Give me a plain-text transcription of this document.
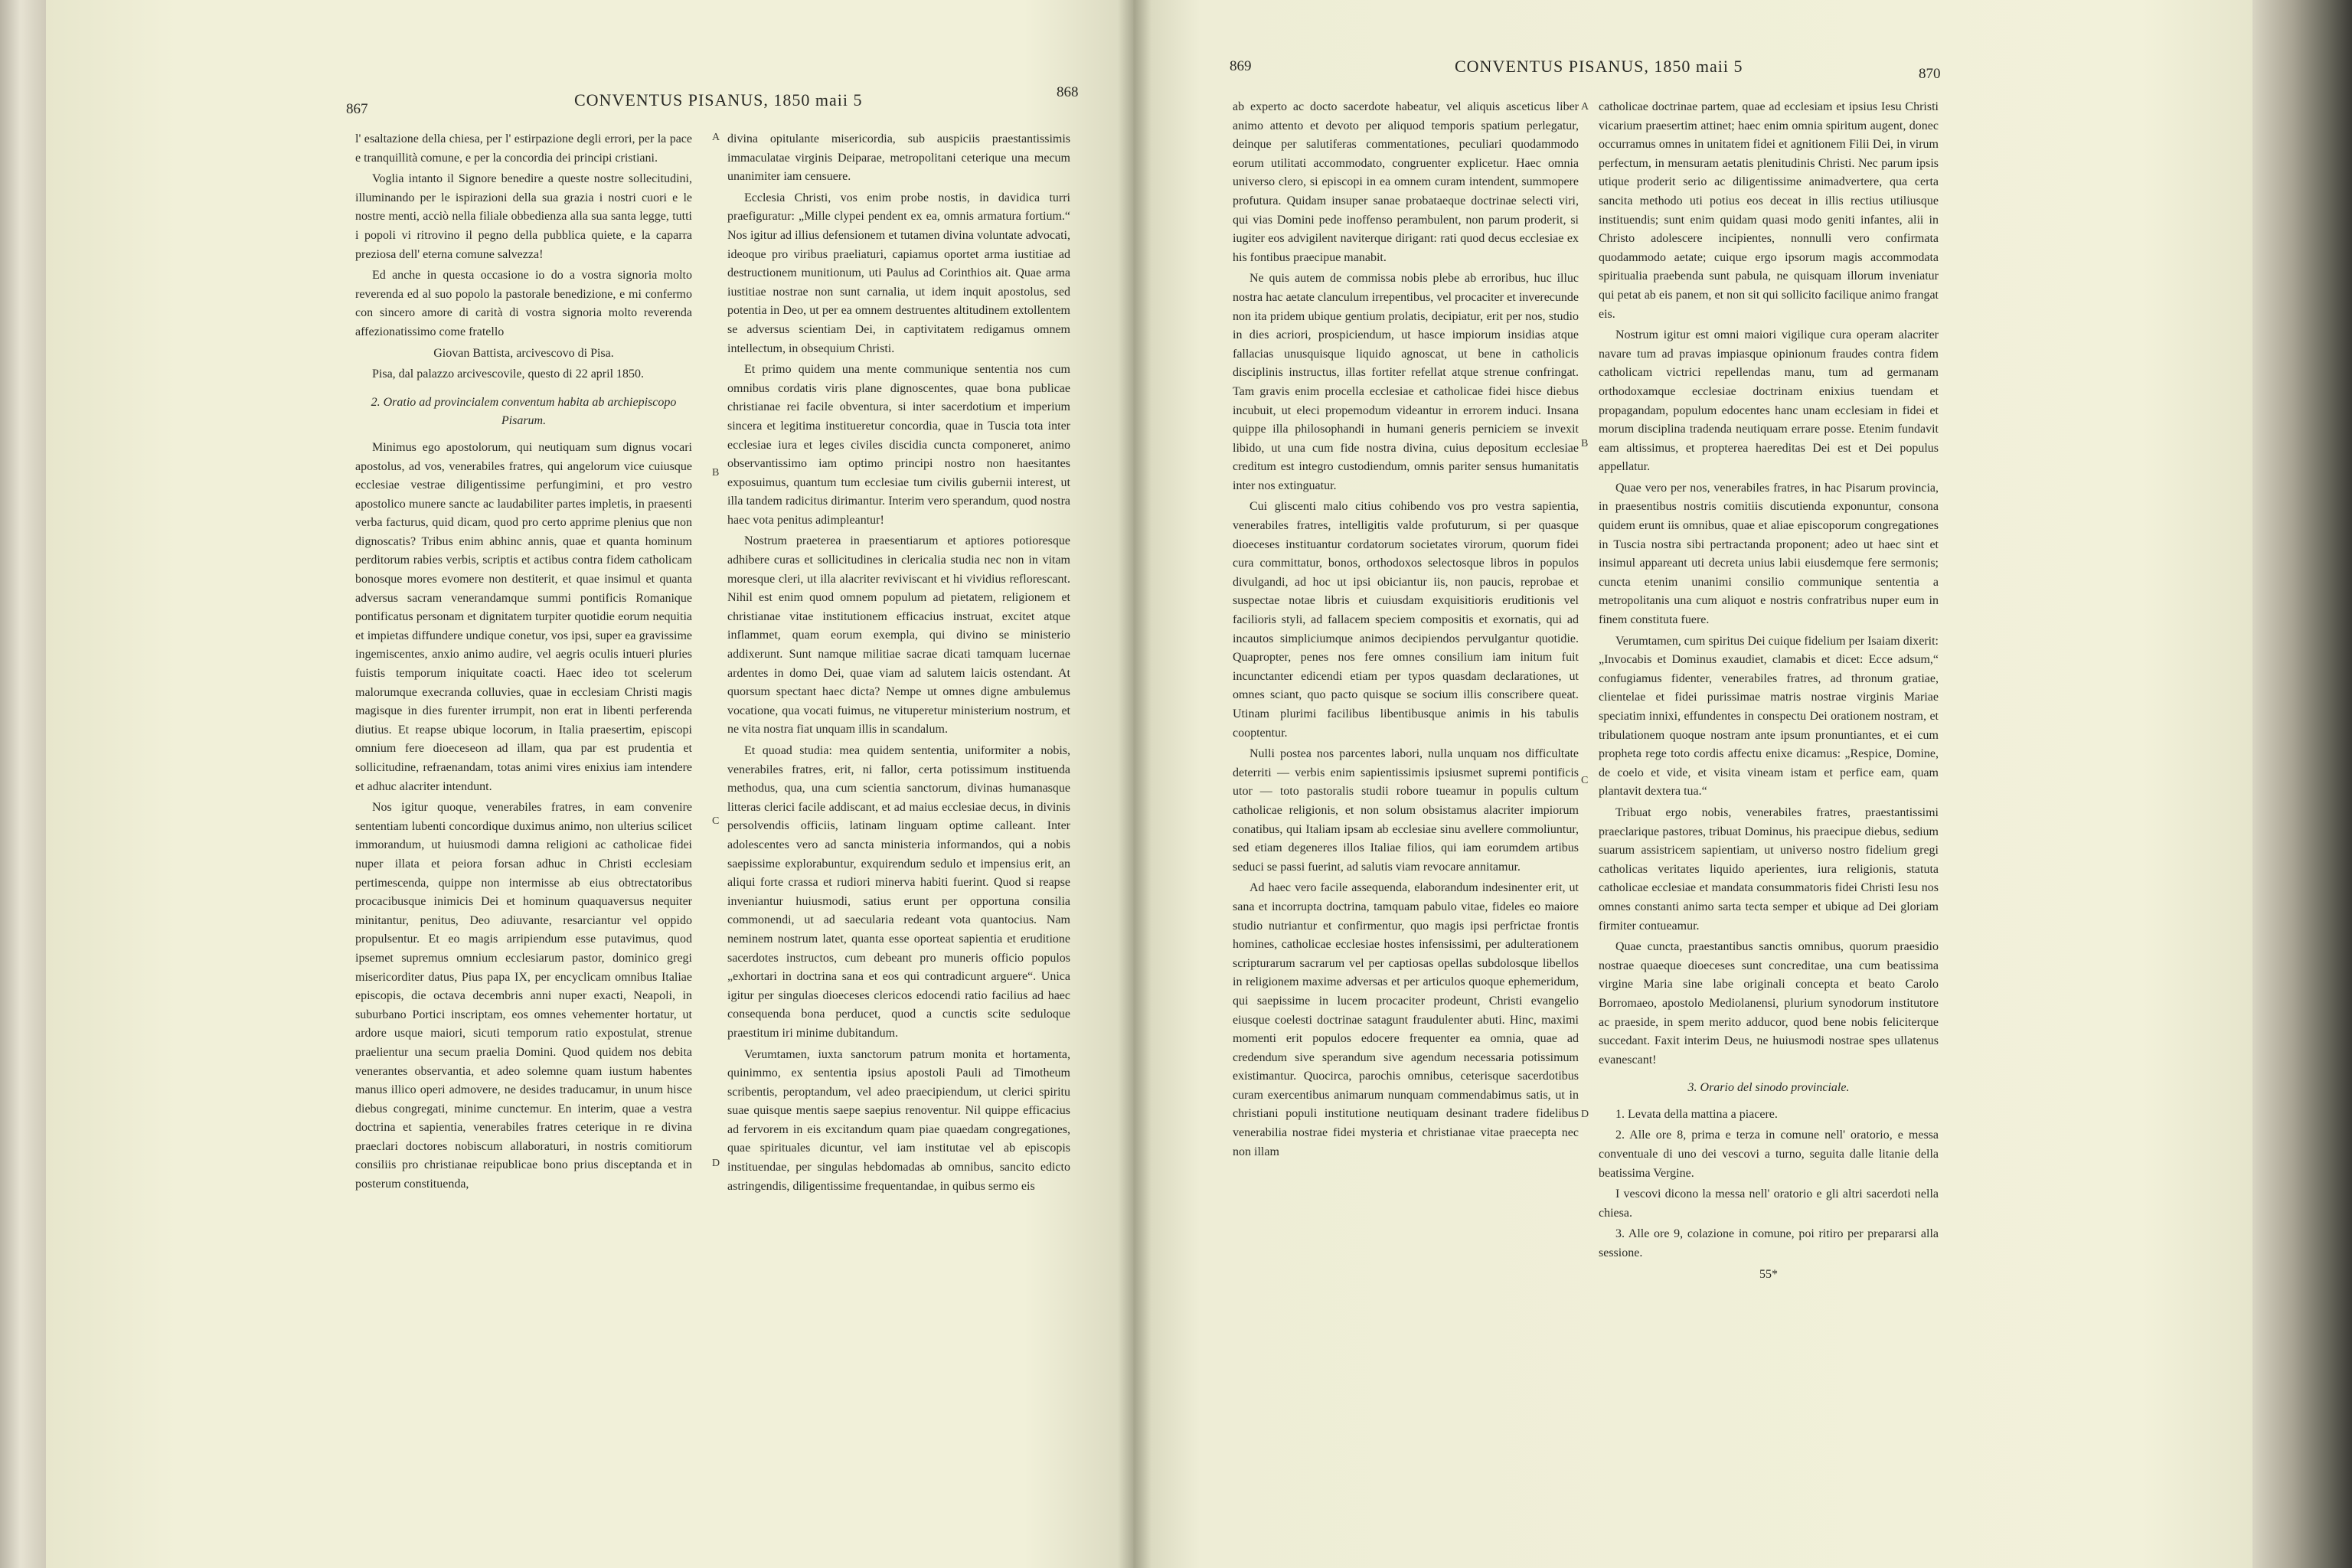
867	CONVENTUS PISANUS, 1850 maii 5	868

l' esaltazione della chiesa, per l' estirpazione degli errori, per la pace e tranquillità comune, e per la concordia dei principi cristiani.

Voglia intanto il Signore benedire a queste nostre sollecitudini, illuminando per le ispirazioni della sua grazia i nostri cuori e le nostre menti, acciò nella filiale obbedienza alla sua santa legge, tutti i popoli vi ritrovino il pegno della pubblica quiete, e la caparra preziosa dell' eterna comune salvezza!

Ed anche in questa occasione io do a vostra signoria molto reverenda ed al suo popolo la pastorale benedizione, e mi confermo con sincero amore di carità di vostra signoria molto reverenda affezionatissimo come fratello

Giovan Battista, arcivescovo di Pisa.

Pisa, dal palazzo arcivescovile, questo di 22 april 1850.

2. Oratio ad provincialem conventum habita ab archiepiscopo Pisarum.

Minimus ego apostolorum, qui neutiquam sum dignus vocari apostolus, ad vos, venerabiles fratres, qui angelorum vice cuiusque ecclesiae vestrae diligentissime perfungimini, et pro vestro apostolico munere sancte ac laudabiliter partes impletis, in praesenti verba facturus, quid dicam, quod pro certo apprime plenius que non dignoscatis? Tribus enim abhinc annis, quae et quanta hominum perditorum rabies verbis, scriptis et actibus contra fidem catholicam bonosque mores evomere non destiterit, et quae insimul et quanta adversus sacram venerandamque summi pontificis Romanique pontificatus personam et dignitatem turpiter quotidie eorum nequitia et impietas diffundere undique conetur, vos ipsi, super ea gravissime ingemiscentes, anxio animo audire, vel aegris oculis intueri pluries fuistis temporum iniquitate coacti. Haec ideo tot scelerum malorumque execranda colluvies, quae in ecclesiam Christi magis magisque in dies furenter irrumpit, non erat in libenti perferenda diutius. Et reapse ubique locorum, in Italia praesertim, episcopi omnium fere dioecesеon ad illam, qua par est prudentia et sollicitudine, refraenandam, totas animi vires enixius iam intendere et adhuc alacriter intendunt.

Nos igitur quoque, venerabiles fratres, in eam convenire sententiam lubenti concordique duximus animo, non ulterius scilicet immorandum, ut huiusmodi damna religioni ac catholicae fidei nuper illata et peiora forsan adhuc in Christi ecclesiam pertimescenda, quippe non intermisse ab eius obtrectatoribus procacibusque inimicis Dei et hominum quaquaversus nequiter minitantur, penitus, Deo adiuvante, resarciantur vel oppido propulsentur. Et eo magis arripiendum esse putavimus, quod ipsemet supremus omnium ecclesiarum pastor, dominico gregi misericorditer datus, Pius papa IX, per encyclicam omnibus Italiae episcopis, die octava decembris anni nuper exacti, Neapoli, in suburbano Portici inscriptam, eos omnes vehementer hortatur, ut ardore usque maiori, sicuti temporum ratio expostulat, strenue praelientur una secum praelia Domini. Quod quidem nos debita venerantes observantia, et adeo solemne quam iustum habentes manus illico operi admovere, ne desides traducamur, in unum hisce diebus congregati, minime cunctemur. En interim, quae a vestra doctrina et sapientia, venerabiles fratres ceterique in re divina praeclari doctores nobiscum allaboraturi, in nostris comitiorum consiliis pro christianae reipublicae bono prius disceptanda et in posterum constituenda,

A
B
C
D

divina opitulante misericordia, sub auspiciis praestantissimis immaculatae virginis Deiparae, metropolitani ceterique una mecum unanimiter iam censuere.

Ecclesia Christi, vos enim probe nostis, in davidica turri praefiguratur: „Mille clypei pendent ex ea, omnis armatura fortium.“ Nos igitur ad illius defensionem et tutamen divina voluntate advocati, ideoque pro viribus praeliaturi, capiamus oportet arma iustitiae ad destructionem munitionum, uti Paulus ad Corinthios ait. Quae arma iustitiae nostrae non sunt carnalia, ut idem inquit apostolus, sed potentia in Deo, ut per ea omnem destruentes altitudinem extollentem se adversus scientiam Dei, in captivitatem redigamus omnem intellectum, in obsequium Christi.

Et primo quidem una mente communique sententia nos cum omnibus cordatis viris plane dignoscentes, quae bona publicae christianae rei facile obventura, si inter sacerdotium et imperium sincera et legitima institueretur concordia, quae in Tuscia tota inter ecclesiae iura et leges civiles discidia cuncta componeret, animo observantissimo iam optimo principi nostro non haesitantes exposuimus, quantum tum ecclesiae tum civilis gubernii interest, ut illa tandem radicitus dirimantur. Interim vero sperandum, quod nostra haec vota penitus adimpleantur!

Nostrum praeterea in praesentiarum et aptiores potioresque adhibere curas et sollicitudines in clericalia studia nec non in vitam moresque cleri, ut illa alacriter reviviscant et hi vividius reflorescant. Nihil est enim quod omnem populum ad pietatem, religionem et christianae vitae institutionem efficacius instruat, excitet atque inflammet, quam eorum exempla, qui divino se ministerio addixerunt. Sunt namque militiae sacrae dicati tamquam lucernae ardentes in domo Dei, quae viam ad salutem laicis ostendant. At quorsum spectant haec dicta? Nempe ut omnes digne ambulemus vocatione, qua vocati fuimus, ne vituperetur ministerium nostrum, et ne vita nostra fiat unquam illis in scandalum.

Et quoad studia: mea quidem sententia, uniformiter a nobis, venerabiles fratres, erit, ni fallor, certa potissimum instituenda methodus, qua, una cum scientia sanctorum, divinas humanasque litteras clerici facile addiscant, et ad maius ecclesiae decus, in divinis persolvendis officiis, latinam linguam optime calleant. Inter adolescentes vero ad sancta ministeria informandos, qui a nobis saepissime explorabuntur, exquirendum sedulo et impensius erit, an aliqui forte crassa et rudiori minerva habiti fuerint. Quod si reapse invenіantur huiusmodi, satius erunt per opportuna consilia commonendi, ut ad saecularia redeant vota quantocius. Nam neminem nostrum latet, quanta esse oporteat sapientia et eruditione sacerdotes instructos, cum debeant pro muneris officio populos „exhortari in doctrina sana et eos qui contradicunt arguere“. Unica igitur per singulas dioeceses clericos edocendi ratio facilius ad haec consequenda bona perducet, quod a cunctis scite seduloque praestitum iri minime dubitandum.

Verumtamen, iuxta sanctorum patrum monita et hortamenta, quinimmo, ex sententia ipsius apostoli Pauli ad Timotheum scribentis, peroptandum, vel adeo praecipiendum, ut clerici spiritu suae quisque mentis saepe saepius renoventur. Nil quippe efficacius ad fervorem in eis excitandum quam piae quaedam congregationes, quae spirituales dicuntur, vel iam institutae vel ab episcopis instituendae, per singulas hebdomadas ab omnibus, sancito edicto astringendis, diligentissime frequentandae, in quibus sermo eis

869	CONVENTUS PISANUS, 1850 maii 5	870

ab experto ac docto sacerdote habeatur, vel aliquis asceticus liber animo attento et devoto per aliquod temporis spatium perlegatur, deinque per salutiferas commentationes, peculiari quodammodo eorum utilitati accommodato, congruenter explicetur. Haec omnia universo clero, si episcopi in ea omnem curam intendent, summopere profutura. Quidam insuper sanae probataeque doctrinae selecti viri, qui vias Domini pede inoffenso perambulent, non parum proderit, si iugiter eos advigilent naviterque dirigant: rati quod decus ecclesiae ex his fontibus praecipue manabit.

Ne quis autem de commissa nobis plebe ab erroribus, huc illuc nostra hac aetate clanculum irrepentibus, vel procaciter et inverecunde non ita pridem ubique gentium prolatis, decipiatur, erit per nos, studio in dies acriori, prospiciendum, ut hasce impiorum insidias atque fallacias unusquisque liquido agnoscat, ut bene in catholicis disciplinis instructus, illas fortiter refellat atque strenue confringat. Tam gravis enim procella ecclesiae et catholicae fidei hisce diebus incubuit, ut eleci propemodum videantur in errorem induci. Insana quippe illa philosophandi in humani generis perniciem se invexit libido, ut una cum fide nostra divina, cuius depositum ecclesiae creditum est integro custodiendum, omnis pariter sensus humanitatis inter nos extinguatur.

Cui gliscenti malo citius cohibendo vos pro vestra sapientia, venerabiles fratres, intelligitis valde profuturum, si per quasque dioeceses instituantur cordatorum societates virorum, quorum fidei cura committatur, bonos, orthodoxos selectosque libros in populos divulgandi, ad hoc ut ipsi obiciantur iis, non paucis, reprobae et suspectae notae libris et cuiusdam exquisitioris eruditionis vel facilioris styli, ad fallacem speciem compositis et exornatis, qui ad incautos simpliciumque animos decipiendos pervulgantur quotidie. Quapropter, penes nos fere omnes consilium iam initum fuit incunctanter edicendi etiam per typos quasdam declarationes, ut omnes sciant, quo pacto quisque se socium illis conscribere queat. Utinam plurimi facilibus libentibusque animis in his tabulis cooptentur.

Nulli postea nos parcentes labori, nulla unquam nos difficultate deterriti — verbis enim sapientissimis ipsiusmet supremi pontificis utor — toto pastoralis studii robore tueamur in populis cultum catholicae religionis, et non solum obsistamus alacriter impiorum conatibus, qui Italiam ipsam ab ecclesiae sinu avellere commoliuntur, sed etiam degeneres illos Italiae filios, qui iam eorumdem artibus seduci se passi fuerint, ad salutis viam revocare annitamur.

Ad haec vero facile assequenda, elaborandum indesinenter erit, ut sana et incorrupta doctrina, tamquam pabulo vitae, fideles eo maiore studio nutriantur et confirmentur, quo magis ipsi perfrictae frontis homines, catholicae ecclesiae hostes infensissimi, per adulterationem scripturarum sacrarum vel per captiosas opellas subdolosque libellos in religionem maxime adversas et per articulos quoque ephemeridum, qui saepissime in lucem procaciter prodeunt, Christi evangelio eiusque coelesti doctrinae satagunt fraudulenter abuti. Hinc, maximi momenti erit populos edocere frequenter ea omnia, quae ad credendum sive sperandum sive agendum necessaria potissimum existimantur. Quocirca, parochis omnibus, ceterisque sacerdotibus curam exercentibus animarum nunquam commendabimus satis, ut in christiani populi institutione neutiquam desinant tradere fidelibus venerabilia nostrae fidei mysteria et christianae vitae praecepta nec non illam

A
B
C
D

catholicae doctrinae partem, quae ad ecclesiam et ipsius Iesu Christi vicarium praesertim attinet; haec enim omnia spiritum augent, donec occurramus omnes in unitatem fidei et agnitionem Filii Dei, in virum perfectum, in mensuram aetatis plenitudinis Christi. Nec parum ipsis utique proderit serio ac diligentissime animadvertere, qua certa sancita methodo uti potius eos deceat in illis rectius utiliusque instituendis; sunt enim quidam quasi modo geniti infantes, alii in Christo adolescere incipientes, nonnulli vero confirmata quodammodo aetate; cuique ergo ipsorum magis accommodata spiritualia praebenda sunt pabula, ne quisquam illorum inveniatur qui petat ab eis panem, et non sit qui sollicito facilique animo frangat eis.

Nostrum igitur est omni maiori vigilique cura operam alacriter navare tum ad pravas impiasque opinionum fraudes contra fidem catholicam victrici repellendas manu, tum ad germanam orthodoxamque ecclesiae doctrinam enixius tuendam et propagandam, populum edocentes hanc unam ecclesiam in fidei et morum disciplina tradenda neutiquam errare posse. Etenim fundavit eam altissimus, et propterea haereditas Dei est et Dei populus appellatur.

Quae vero per nos, venerabiles fratres, in hac Pisarum provincia, in praesentibus nostris comitiis discutienda exponuntur, consona quidem erunt iis omnibus, quae et aliae episcoporum congregationes in Tuscia nostra sibi pertractanda proponent; adeo ut haec sint et insimul appareant uti decreta unius labii eiusdemque fere sermonis; cuncta etenim unanimi consilio communique sententia a metropolitanis una cum aliquot e nostris confratribus nuper eum in finem constituta fuere.

Verumtamen, cum spiritus Dei cuique fidelium per Isaiam dixerit: „Invocabis et Dominus exaudiet, clamabis et dicet: Ecce adsum,“ confugiamus fidenter, venerabiles fratres, ad thronum gratiae, clientelae et fidei purissimae matris nostrae virginis Mariae speciatim innixi, effundentes in conspectu Dei orationem nostram, et tribulationem quoque nostram ante ipsum pronuntiantes, et ei cum propheta rege toto cordis affectu enixe dicamus: „Respice, Domine, de coelo et vide, et visita vineam istam et perfice eam, quam plantavit dextera tua.“

Tribuat ergo nobis, venerabiles fratres, praestantissimi praeclarique pastores, tribuat Dominus, his praecipue diebus, sedium suarum assistricem sapientiam, ut universo nostro fidelium gregi catholicas veritates liquido aperientes, iura religionis, statuta catholicae ecclesiae et mandata consummatoris fidei Christi Iesu nos omnes constanti animo sarta tecta semper et ubique ad Dei gloriam firmiter contueamur.

Quae cuncta, praestantibus sanctis omnibus, quorum praesidio nostrae quaeque dioeceses sunt concreditae, una cum beatissima virgine Maria sine labe originali concepta et beato Carolo Borromaeo, apostolo Mediolanensi, plurium synodorum institutore ac praeside, in spem merito adducor, quod bene nobis feliciterque succedant. Faxit interim Deus, ne huiusmodi nostrae spes ullatenus evanescant!

3. Orario del sinodo provinciale.

1. Levata della mattina a piacere.

2. Alle ore 8, prima e terza in comune nell' oratorio, e messa conventuale di uno dei vescovi a turno, seguita dalle litanie della beatissima Vergine.

I vescovi dicono la messa nell' oratorio e gli altri sacerdoti nella chiesa.

3. Alle ore 9, colazione in comune, poi ritiro per prepararsi alla sessione.

55*
